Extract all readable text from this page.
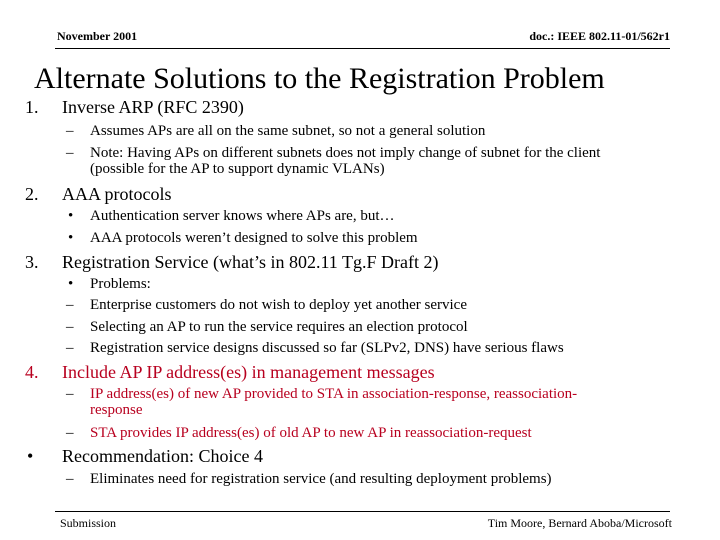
November 2001	doc.: IEEE 802.11-01/562r1
Alternate Solutions to the Registration Problem
1. Inverse ARP (RFC 2390)
– Assumes APs are all on the same subnet, so not a general solution
– Note: Having APs on different subnets does not imply change of subnet for the client
(possible for the AP to support dynamic VLANs)
2. AAA protocols
• Authentication server knows where APs are, but…
• AAA protocols weren’t designed to solve this problem
3. Registration Service (what’s in 802.11 Tg.F Draft 2)
• Problems:
– Enterprise customers do not wish to deploy yet another service
– Selecting an AP to run the service requires an election protocol
– Registration service designs discussed so far (SLPv2, DNS) have serious flaws
4. Include AP IP address(es) in management messages
– IP address(es) of new AP provided to STA in association-response, reassociation-
response
– STA provides IP address(es) of old AP to new AP in reassociation-request
• Recommendation: Choice 4
– Eliminates need for registration service (and resulting deployment problems)
Submission	Tim Moore, Bernard Aboba/Microsoft
